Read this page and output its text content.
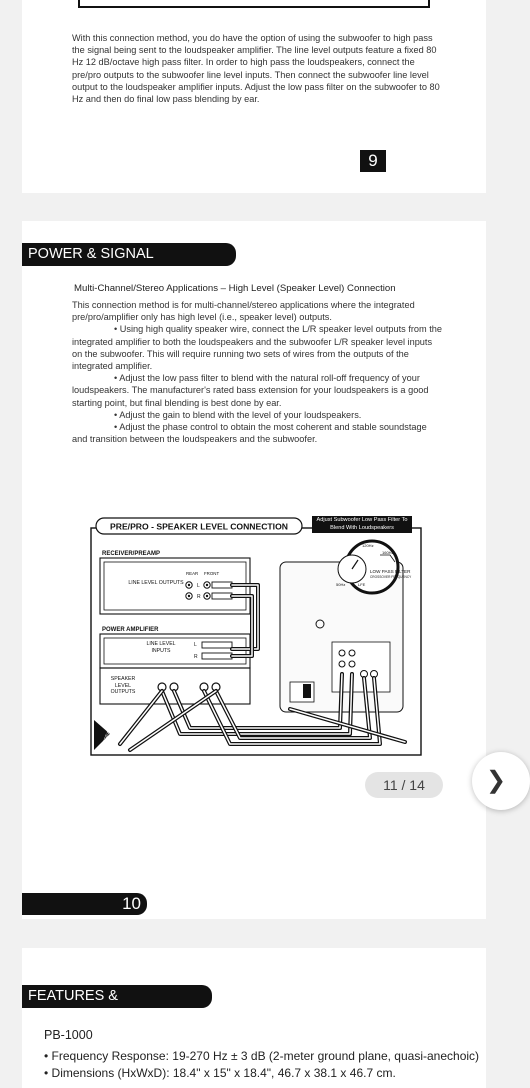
With this connection method, you do have the option of using the subwoofer to high pass the signal being sent to the loudspeaker amplifier. The line level outputs feature a fixed 80 Hz 12 dB/octave high pass filter. In order to high pass the loudspeakers, connect the pre/pro outputs to the subwoofer line level inputs. Then connect the subwoofer line level output to the loudspeaker amplifier inputs. Adjust the low pass filter on the subwoofer to 80 Hz and then do final low pass blending by ear.
9
POWER & SIGNAL CONNECTIONS
Multi-Channel/Stereo Applications – High Level (Speaker Level) Connection

This connection method is for multi-channel/stereo applications where the integrated pre/pro/amplifier only has high level (i.e., speaker level) outputs.

• Using high quality speaker wire, connect the L/R speaker level outputs from the integrated amplifier to both the loudspeakers and the subwoofer L/R speaker level inputs on the subwoofer. This will require running two sets of wires from the outputs of the integrated amplifier.

• Adjust the low pass filter to blend with the natural roll-off frequency of your loudspeakers. The manufacturer's rated bass extension for your loudspeakers is a good starting point, but final blending is best done by ear.

• Adjust the gain to blend with the level of your loudspeakers.

• Adjust the phase control to obtain the most coherent and stable soundstage and transition between the loudspeakers and the subwoofer.

PRE/PRO - SPEAKER LEVEL CONNECTION
Adjust Subwoofer Low Pass Filter To Blend With Loudspeakers
RECEIVER/PREAMP
REAR FRONT
LINE LEVEL OUTPUTS	L
R
120Hz
160Hz
50Hz	LFE
LOW PASS FILTER
CROSSOVER FREQUENCY
POWER AMPLIFIER
LINE LEVEL INPUTS
L
R
SPEAKER LEVEL OUTPUTS
TO SPEAKERS
10
FEATURES & SPECIFICATIONS
PB-1000
• Frequency Response: 19-270 Hz ± 3 dB (2-meter ground plane, quasi-anechoic)
• Dimensions (HxWxD): 18.4" x 15" x 18.4", 46.7 x 38.1 x 46.7 cm.
11 / 14	❯
